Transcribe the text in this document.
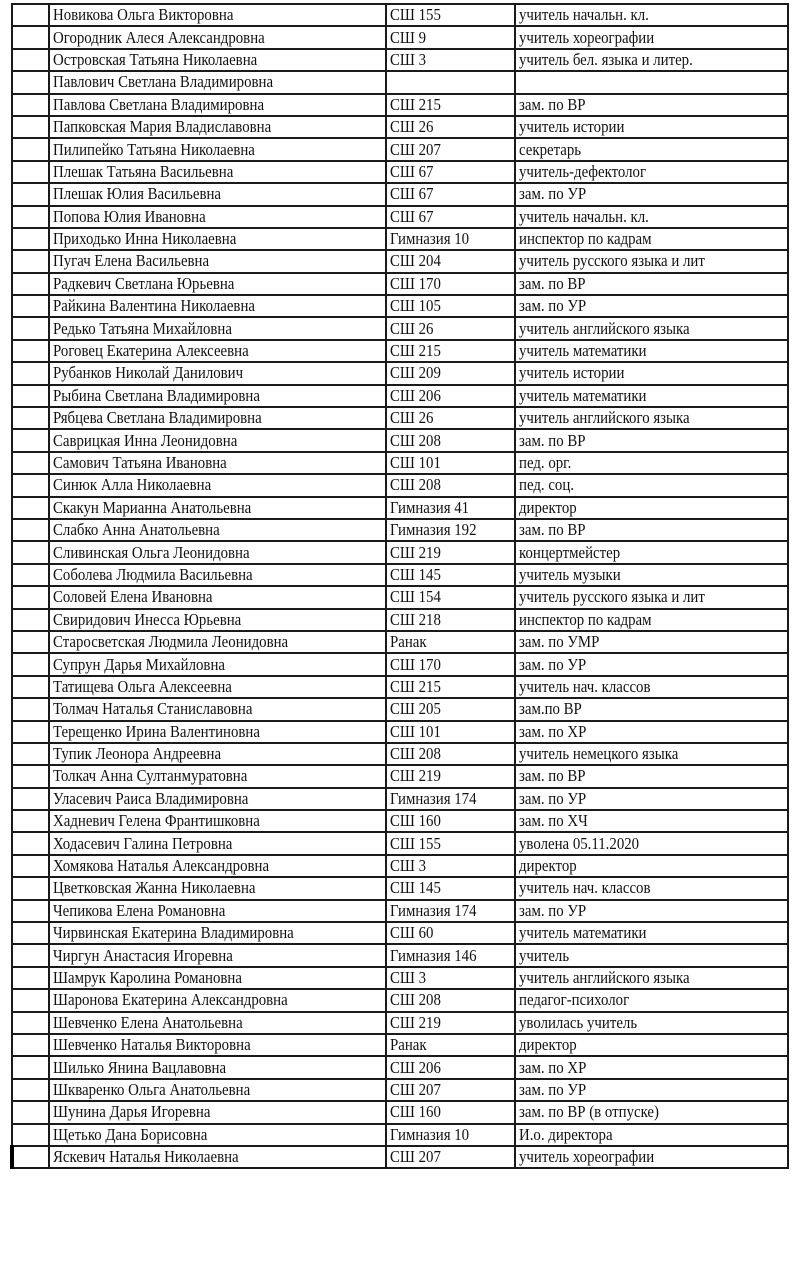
	Новикова Ольга Викторовна	СШ 155	учитель начальн. кл.
	Огородник Алеся Александровна	СШ 9	учитель хореографии
	Островская Татьяна Николаевна	СШ 3	учитель бел. языка и литер.
	Павлович Светлана Владимировна		
	Павлова Светлана Владимировна	СШ 215	зам. по ВР
	Папковская Мария Владиславовна	СШ 26	учитель истории
	Пилипейко Татьяна Николаевна	СШ 207	секретарь
	Плешак Татьяна Васильевна	СШ 67	учитель-дефектолог
	Плешак Юлия Васильевна	СШ 67	зам. по УР
	Попова Юлия Ивановна	СШ 67	учитель начальн. кл.
	Приходько Инна Николаевна	Гимназия 10	инспектор по кадрам
	Пугач Елена Васильевна	СШ 204	учитель русского языка и лит
	Радкевич Светлана Юрьевна	СШ 170	зам. по ВР
	Райкина Валентина Николаевна	СШ 105	зам. по УР
	Редько Татьяна Михайловна	СШ 26	учитель английского языка
	Роговец Екатерина Алексеевна	СШ 215	учитель математики
	Рубанков Николай Данилович	СШ 209	учитель истории
	Рыбина Светлана Владимировна	СШ 206	учитель математики
	Рябцева Светлана Владимировна	СШ 26	учитель английского языка
	Саврицкая Инна Леонидовна	СШ 208	зам. по ВР
	Самович Татьяна Ивановна	СШ 101	пед. орг.
	Синюк Алла Николаевна	СШ 208	пед. соц.
	Скакун Марианна Анатольевна	Гимназия 41	директор
	Слабко Анна Анатольевна	Гимназия 192	зам. по ВР
	Сливинская Ольга Леонидовна	СШ 219	концертмейстер
	Соболева Людмила Васильевна	СШ 145	учитель музыки
	Соловей Елена Ивановна	СШ 154	учитель русского языка и лит
	Свиридович Инесса Юрьевна	СШ 218	инспектор по кадрам
	Старосветская Людмила Леонидовна	Ранак	зам. по УМР
	Супрун Дарья Михайловна	СШ 170	зам. по УР
	Татищева Ольга Алексеевна	СШ 215	учитель нач. классов
	Толмач Наталья Станиславовна	СШ 205	зам.по ВР
	Терещенко Ирина Валентиновна	СШ 101	зам. по ХР
	Тупик Леонора Андреевна	СШ 208	учитель немецкого языка
	Толкач Анна Султанмуратовна	СШ 219	зам. по ВР
	Уласевич Раиса Владимировна	Гимназия 174	зам. по УР
	Хадневич Гелена Франтишковна	СШ 160	зам. по ХЧ
	Ходасевич Галина Петровна	СШ 155	уволена 05.11.2020
	Хомякова Наталья Александровна	СШ 3	директор
	Цветковская Жанна Николаевна	СШ 145	учитель нач. классов
	Чепикова Елена Романовна	Гимназия 174	зам. по УР
	Чирвинская Екатерина Владимировна	СШ 60	учитель математики
	Чиргун Анастасия Игоревна	Гимназия 146	учитель
	Шамрук Каролина Романовна	СШ 3	учитель английского языка
	Шаронова Екатерина Александровна	СШ 208	педагог-психолог
	Шевченко Елена Анатольевна	СШ 219	уволилась учитель
	Шевченко Наталья Викторовна	Ранак	директор
	Шилько Янина Вацлавовна	СШ 206	зам. по ХР
	Шкваренко Ольга Анатольевна	СШ 207	зам. по УР
	Шунина Дарья Игоревна	СШ 160	зам. по ВР (в отпуске)
	Щетько Дана Борисовна	Гимназия 10	И.о. директора
	Яскевич Наталья Николаевна	СШ 207	учитель хореографии
